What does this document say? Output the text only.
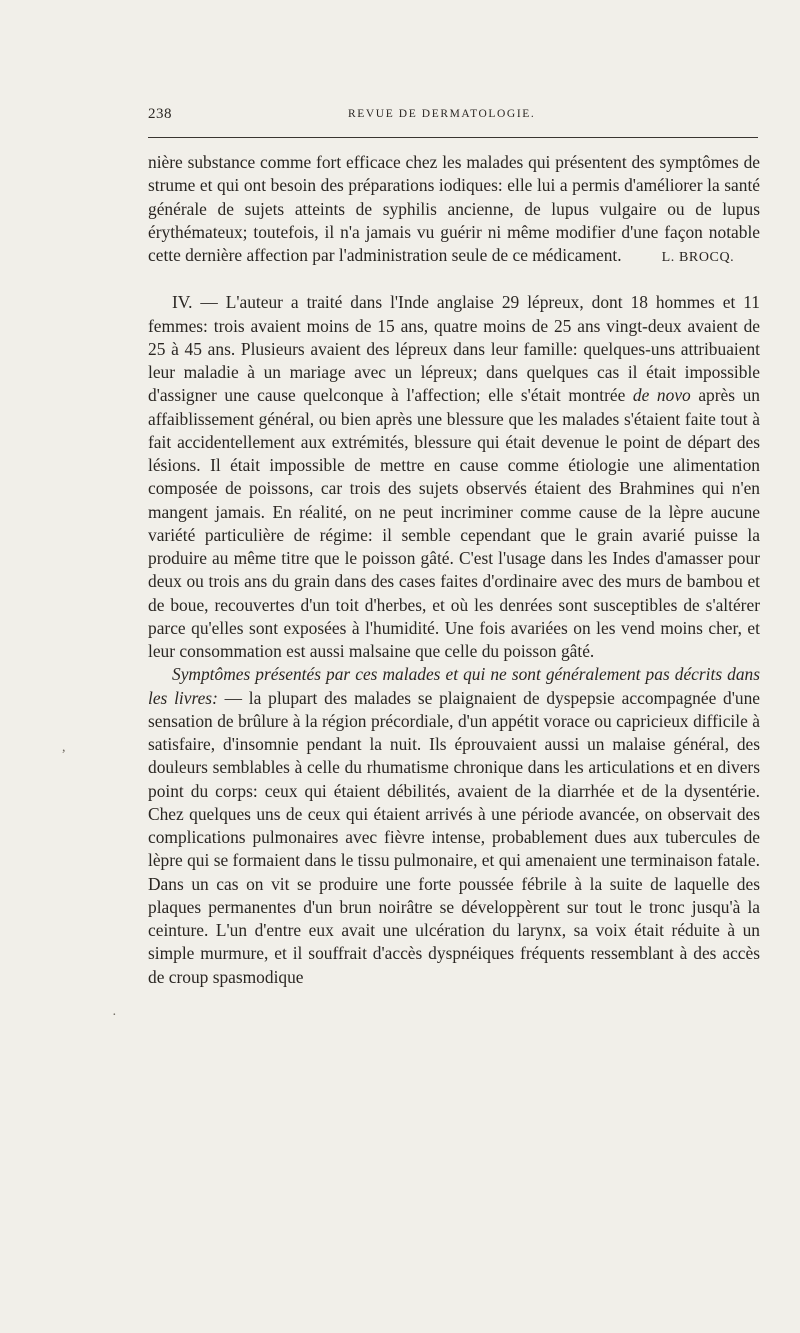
238	REVUE DE DERMATOLOGIE.

nière substance comme fort efficace chez les malades qui présentent des symptômes de strume et qui ont besoin des préparations iodiques: elle lui a permis d'améliorer la santé générale de sujets atteints de syphilis ancienne, de lupus vulgaire ou de lupus érythémateux; toutefois, il n'a jamais vu guérir ni même modifier d'une façon notable cette dernière affection par l'administration seule de ce médicament.	L. BROCQ.

IV. — L'auteur a traité dans l'Inde anglaise 29 lépreux, dont 18 hommes et 11 femmes: trois avaient moins de 15 ans, quatre moins de 25 ans vingt-deux avaient de 25 à 45 ans. Plusieurs avaient des lépreux dans leur famille: quelques-uns attribuaient leur maladie à un mariage avec un lépreux; dans quelques cas il était impossible d'assigner une cause quelconque à l'affection; elle s'était montrée de novo après un affaiblissement général, ou bien après une blessure que les malades s'étaient faite tout à fait accidentellement aux extrémités, blessure qui était devenue le point de départ des lésions. Il était impossible de mettre en cause comme étiologie une alimentation composée de poissons, car trois des sujets observés étaient des Brahmines qui n'en mangent jamais. En réalité, on ne peut incriminer comme cause de la lèpre aucune variété particulière de régime: il semble cependant que le grain avarié puisse la produire au même titre que le poisson gâté. C'est l'usage dans les Indes d'amasser pour deux ou trois ans du grain dans des cases faites d'ordinaire avec des murs de bambou et de boue, recouvertes d'un toit d'herbes, et où les denrées sont susceptibles de s'altérer parce qu'elles sont exposées à l'humidité. Une fois avariées on les vend moins cher, et leur consommation est aussi malsaine que celle du poisson gâté.

Symptômes présentés par ces malades et qui ne sont généralement pas décrits dans les livres: — la plupart des malades se plaignaient de dyspepsie accompagnée d'une sensation de brûlure à la région précordiale, d'un appétit vorace ou capricieux difficile à satisfaire, d'insomnie pendant la nuit. Ils éprouvaient aussi un malaise général, des douleurs semblables à celle du rhumatisme chronique dans les articulations et en divers point du corps: ceux qui étaient débilités, avaient de la diarrhée et de la dysentérie. Chez quelques uns de ceux qui étaient arrivés à une période avancée, on observait des complications pulmonaires avec fièvre intense, probablement dues aux tubercules de lèpre qui se formaient dans le tissu pulmonaire, et qui amenaient une terminaison fatale. Dans un cas on vit se produire une forte poussée fébrile à la suite de laquelle des plaques permanentes d'un brun noirâtre se développèrent sur tout le tronc jusqu'à la ceinture. L'un d'entre eux avait une ulcération du larynx, sa voix était réduite à un simple murmure, et il souffrait d'accès dyspnéiques fréquents ressemblant à des accès de croup spasmodique

,
·
